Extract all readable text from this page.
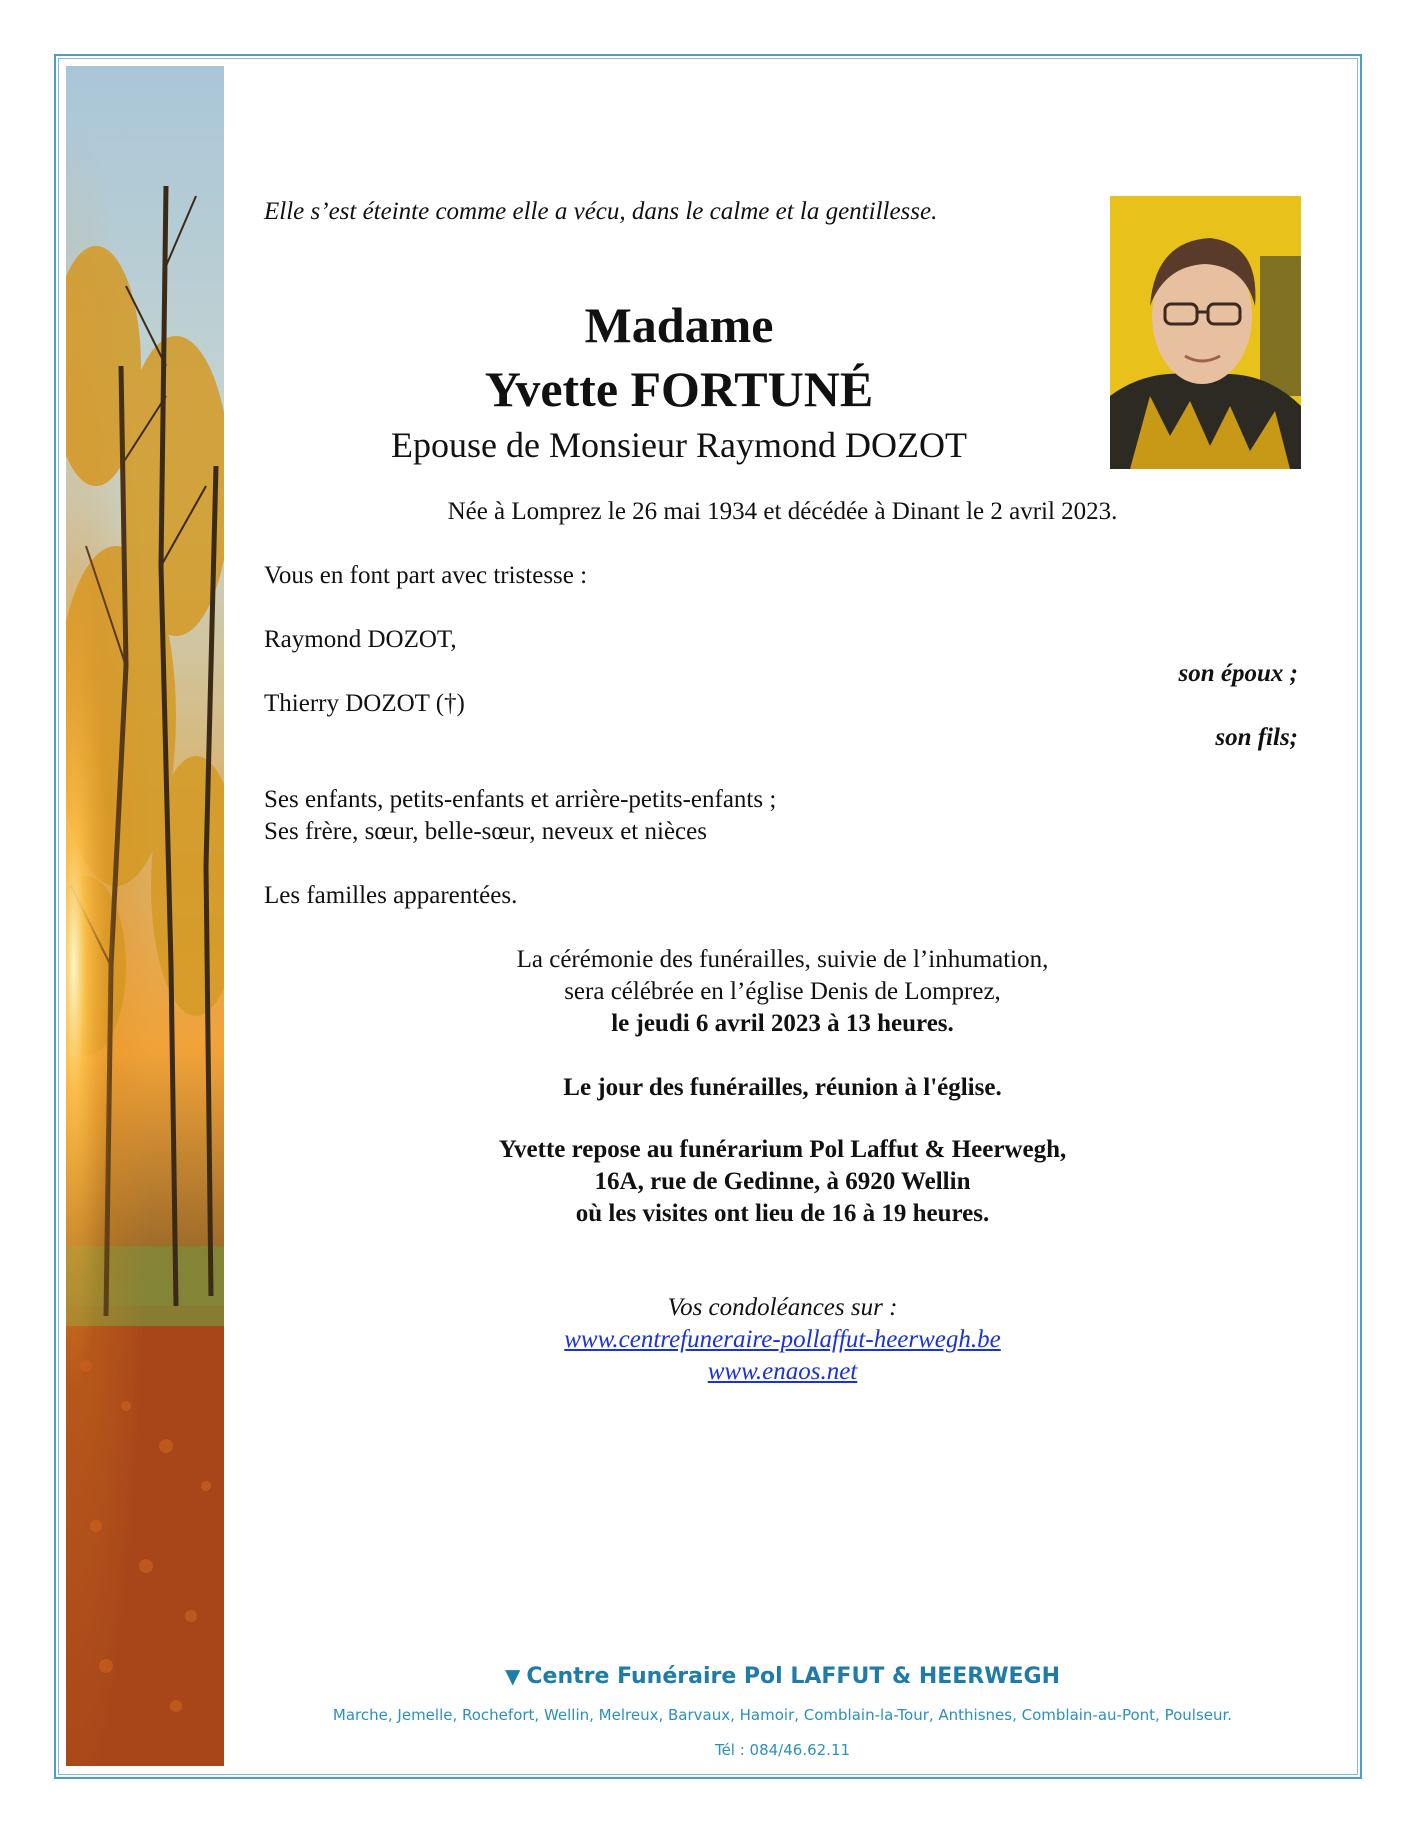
Elle s’est éteinte comme elle a vécu, dans le calme et la gentillesse.
Madame
Yvette FORTUNÉ
Epouse de Monsieur Raymond DOZOT
Née à Lomprez le 26 mai 1934 et décédée à Dinant le 2 avril 2023.
Vous en font part avec tristesse :
Raymond DOZOT,
son époux ;
Thierry DOZOT (†)
son fils;
Ses enfants, petits-enfants et arrière-petits-enfants ;
Ses frère, sœur, belle-sœur, neveux et nièces
Les familles apparentées.
La cérémonie des funérailles, suivie de l’inhumation,
sera célébrée en l’église Denis de Lomprez,
le jeudi 6 avril 2023 à 13 heures.
Le jour des funérailles, réunion à l'église.
Yvette repose au funérarium Pol Laffut & Heerwegh,
16A, rue de Gedinne, à 6920 Wellin
où les visites ont lieu de 16 à 19 heures.
Vos condoléances sur :
www.centrefuneraire-pollaffut-heerwegh.be
www.enaos.net
▼ Centre Funéraire Pol LAFFUT & HEERWEGH
Marche, Jemelle, Rochefort, Wellin, Melreux, Barvaux, Hamoir, Comblain-la-Tour, Anthisnes, Comblain-au-Pont, Poulseur.
Tél : 084/46.62.11
